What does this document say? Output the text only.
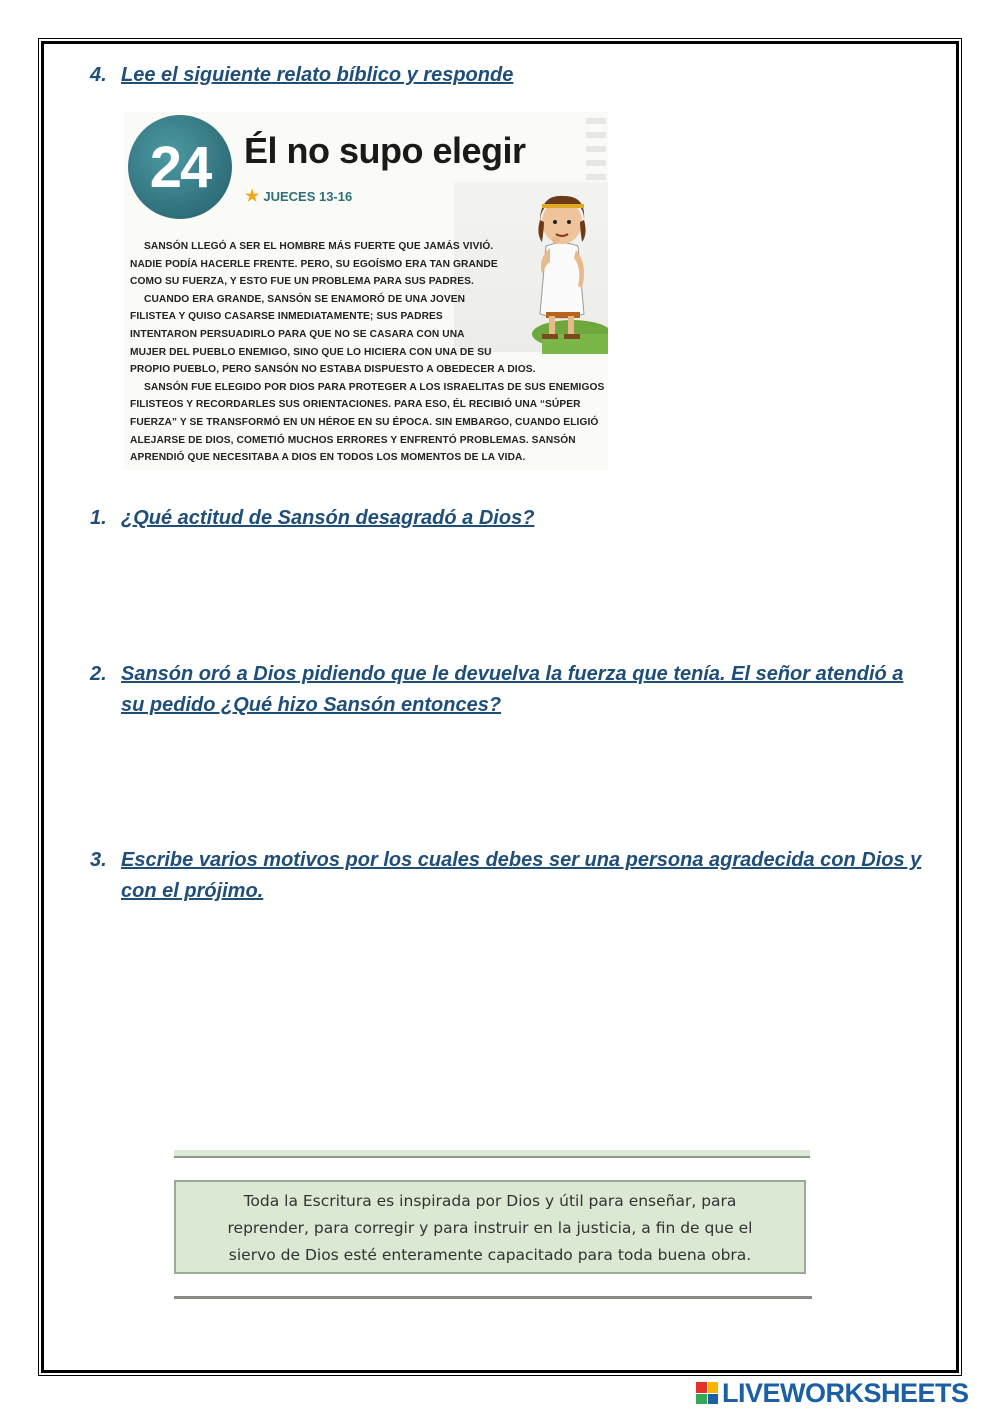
4. Lee el siguiente relato bíblico y responde
24 Él no supo elegir
★ JUECES 13-16
SANSÓN LLEGÓ A SER EL HOMBRE MÁS FUERTE QUE JAMÁS VIVIÓ.
NADIE PODÍA HACERLE FRENTE. PERO, SU EGOÍSMO ERA TAN GRANDE
COMO SU FUERZA, Y ESTO FUE UN PROBLEMA PARA SUS PADRES.
CUANDO ERA GRANDE, SANSÓN SE ENAMORÓ DE UNA JOVEN
FILISTEA Y QUISO CASARSE INMEDIATAMENTE; SUS PADRES
INTENTARON PERSUADIRLO PARA QUE NO SE CASARA CON UNA
MUJER DEL PUEBLO ENEMIGO, SINO QUE LO HICIERA CON UNA DE SU
PROPIO PUEBLO, PERO SANSÓN NO ESTABA DISPUESTO A OBEDECER A DIOS.
SANSÓN FUE ELEGIDO POR DIOS PARA PROTEGER A LOS ISRAELITAS DE SUS ENEMIGOS
FILISTEOS Y RECORDARLES SUS ORIENTACIONES. PARA ESO, ÉL RECIBIÓ UNA “SÚPER
FUERZA” Y SE TRANSFORMÓ EN UN HÉROE EN SU ÉPOCA. SIN EMBARGO, CUANDO ELIGIÓ
ALEJARSE DE DIOS, COMETIÓ MUCHOS ERRORES Y ENFRENTÓ PROBLEMAS. SANSÓN
APRENDIÓ QUE NECESITABA A DIOS EN TODOS LOS MOMENTOS DE LA VIDA.
1. ¿Qué actitud de Sansón desagradó a Dios?
2. Sansón oró a Dios pidiendo que le devuelva la fuerza que tenía. El señor atendió a su pedido ¿Qué hizo Sansón entonces?
3. Escribe varios motivos por los cuales debes ser una persona agradecida con Dios y con el prójimo.
Toda la Escritura es inspirada por Dios y útil para enseñar, para
reprender, para corregir y para instruir en la justicia, a fin de que el
siervo de Dios esté enteramente capacitado para toda buena obra.
LIVEWORKSHEETS
